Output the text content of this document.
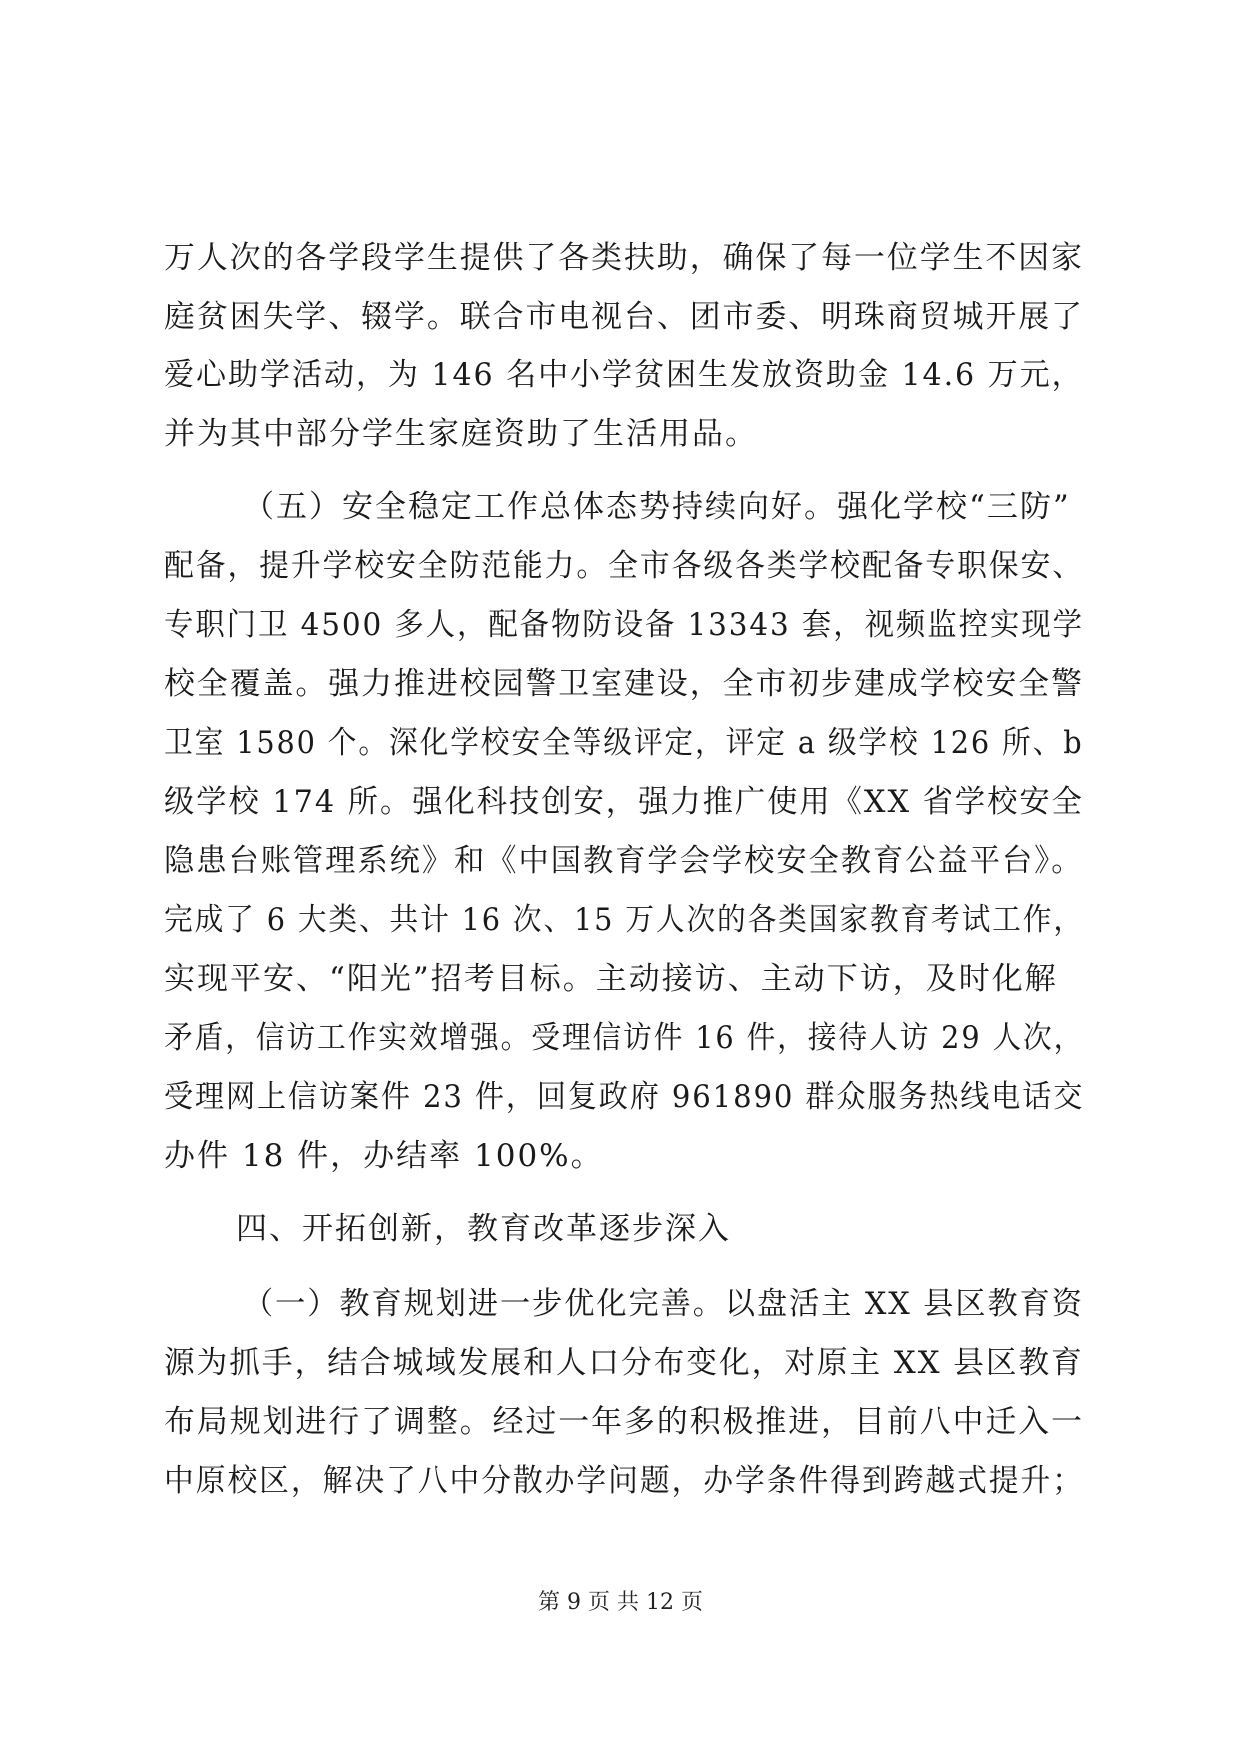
万人次的各学段学生提供了各类扶助，确保了每一位学生不因家
庭贫困失学、辍学。联合市电视台、团市委、明珠商贸城开展了
爱心助学活动，为 146 名中小学贫困生发放资助金 14.6 万元，
并为其中部分学生家庭资助了生活用品。
（五）安全稳定工作总体态势持续向好。强化学校“三防”
配备，提升学校安全防范能力。全市各级各类学校配备专职保安、
专职门卫 4500 多人，配备物防设备 13343 套，视频监控实现学
校全覆盖。强力推进校园警卫室建设，全市初步建成学校安全警
卫室 1580 个。深化学校安全等级评定，评定 a 级学校 126 所、b
级学校 174 所。强化科技创安，强力推广使用《XX 省学校安全
隐患台账管理系统》和《中国教育学会学校安全教育公益平台》。
完成了 6 大类、共计 16 次、15 万人次的各类国家教育考试工作，
实现平安、“阳光”招考目标。主动接访、主动下访，及时化解
矛盾，信访工作实效增强。受理信访件 16 件，接待人访 29 人次，
受理网上信访案件 23 件，回复政府 961890 群众服务热线电话交
办件 18 件，办结率 100%。
四、开拓创新，教育改革逐步深入
（一）教育规划进一步优化完善。以盘活主 XX 县区教育资
源为抓手，结合城域发展和人口分布变化，对原主 XX 县区教育
布局规划进行了调整。经过一年多的积极推进，目前八中迁入一
中原校区，解决了八中分散办学问题，办学条件得到跨越式提升；
第 9 页 共 12 页
